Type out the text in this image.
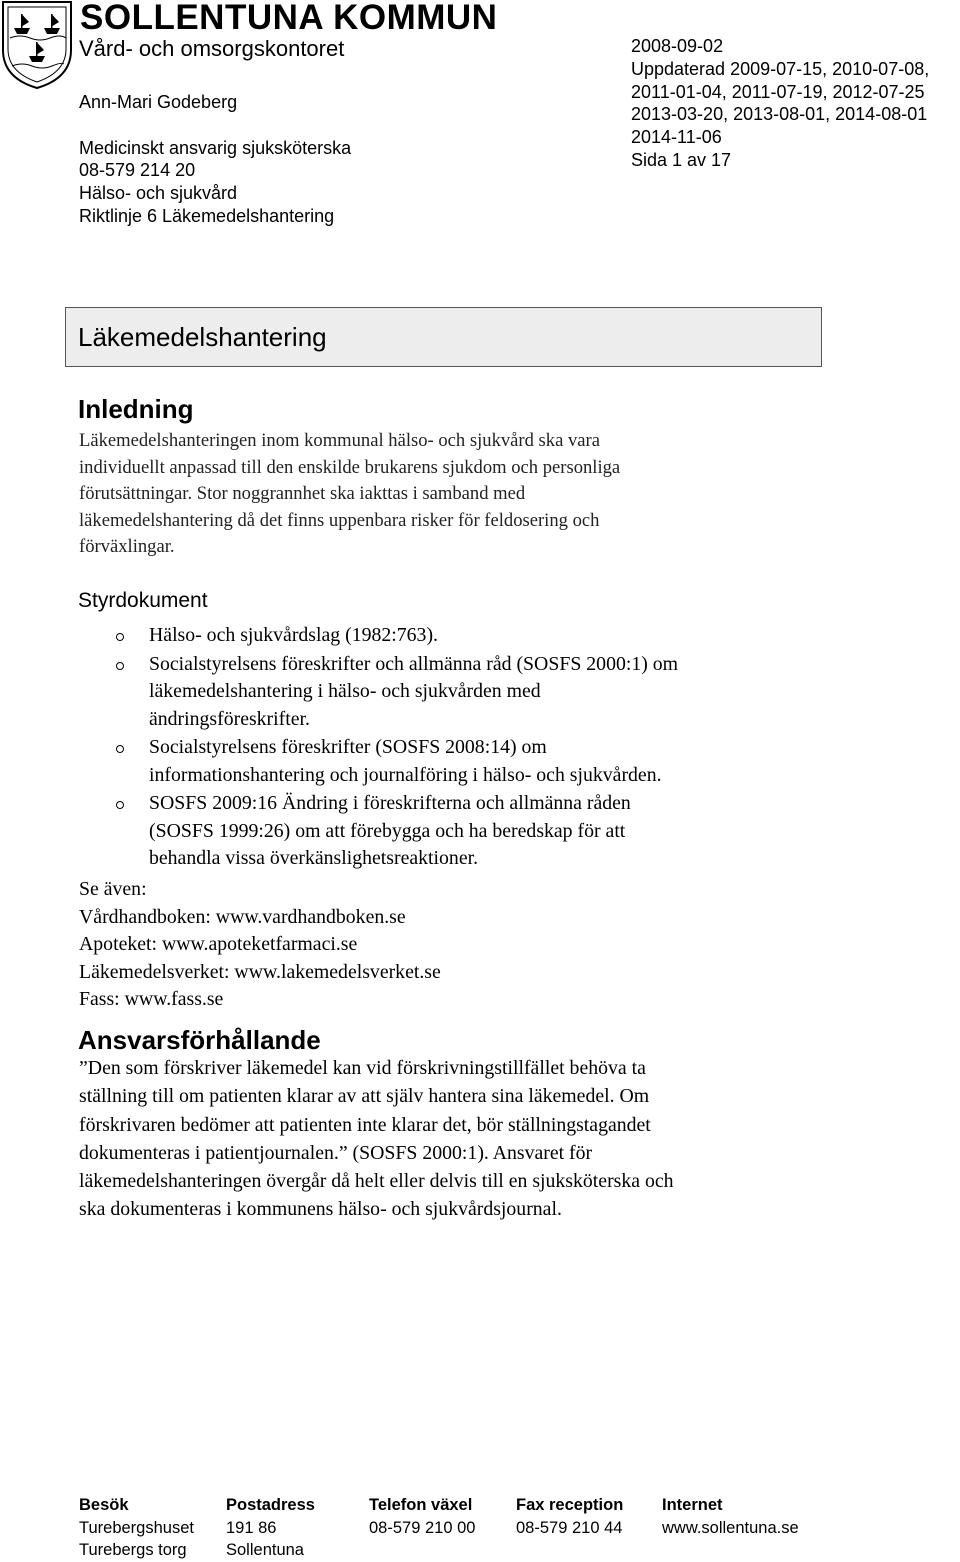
SOLLENTUNA KOMMUN
Vård- och omsorgskontoret
Ann-Mari Godeberg
Medicinskt ansvarig sjuksköterska
08-579 214 20
Hälso- och sjukvård
Riktlinje 6 Läkemedelshantering
2008-09-02
Uppdaterad 2009-07-15, 2010-07-08,
2011-01-04, 2011-07-19, 2012-07-25
2013-03-20, 2013-08-01, 2014-08-01
2014-11-06
Sida 1 av 17
Läkemedelshantering
Inledning
Läkemedelshanteringen inom kommunal hälso- och sjukvård ska vara
individuellt anpassad till den enskilde brukarens sjukdom och personliga
förutsättningar. Stor noggrannhet ska iakttas i samband med
läkemedelshantering då det finns uppenbara risker för feldosering och
förväxlingar.
Styrdokument
Hälso- och sjukvårdslag (1982:763).
Socialstyrelsens föreskrifter och allmänna råd (SOSFS 2000:1) om
läkemedelshantering i hälso- och sjukvården med
ändringsföreskrifter.
Socialstyrelsens föreskrifter (SOSFS 2008:14) om
informationshantering och journalföring i hälso- och sjukvården.
SOSFS 2009:16 Ändring i föreskrifterna och allmänna råden
(SOSFS 1999:26) om att förebygga och ha beredskap för att
behandla vissa överkänslighetsreaktioner.
Se även:
Vårdhandboken: www.vardhandboken.se
Apoteket: www.apoteketfarmaci.se
Läkemedelsverket: www.lakemedelsverket.se
Fass: www.fass.se
Ansvarsförhållande
”Den som förskriver läkemedel kan vid förskrivningstillfället behöva ta
ställning till om patienten klarar av att själv hantera sina läkemedel. Om
förskrivaren bedömer att patienten inte klarar det, bör ställningstagandet
dokumenteras i patientjournalen.” (SOSFS 2000:1). Ansvaret för
läkemedelshanteringen övergår då helt eller delvis till en sjuksköterska och
ska dokumenteras i kommunens hälso- och sjukvårdsjournal.
Besök
Turebergshuset
Turebergs torg
Postadress
191 86
Sollentuna
Telefon växel
08-579 210 00
Fax reception
08-579 210 44
Internet
www.sollentuna.se
